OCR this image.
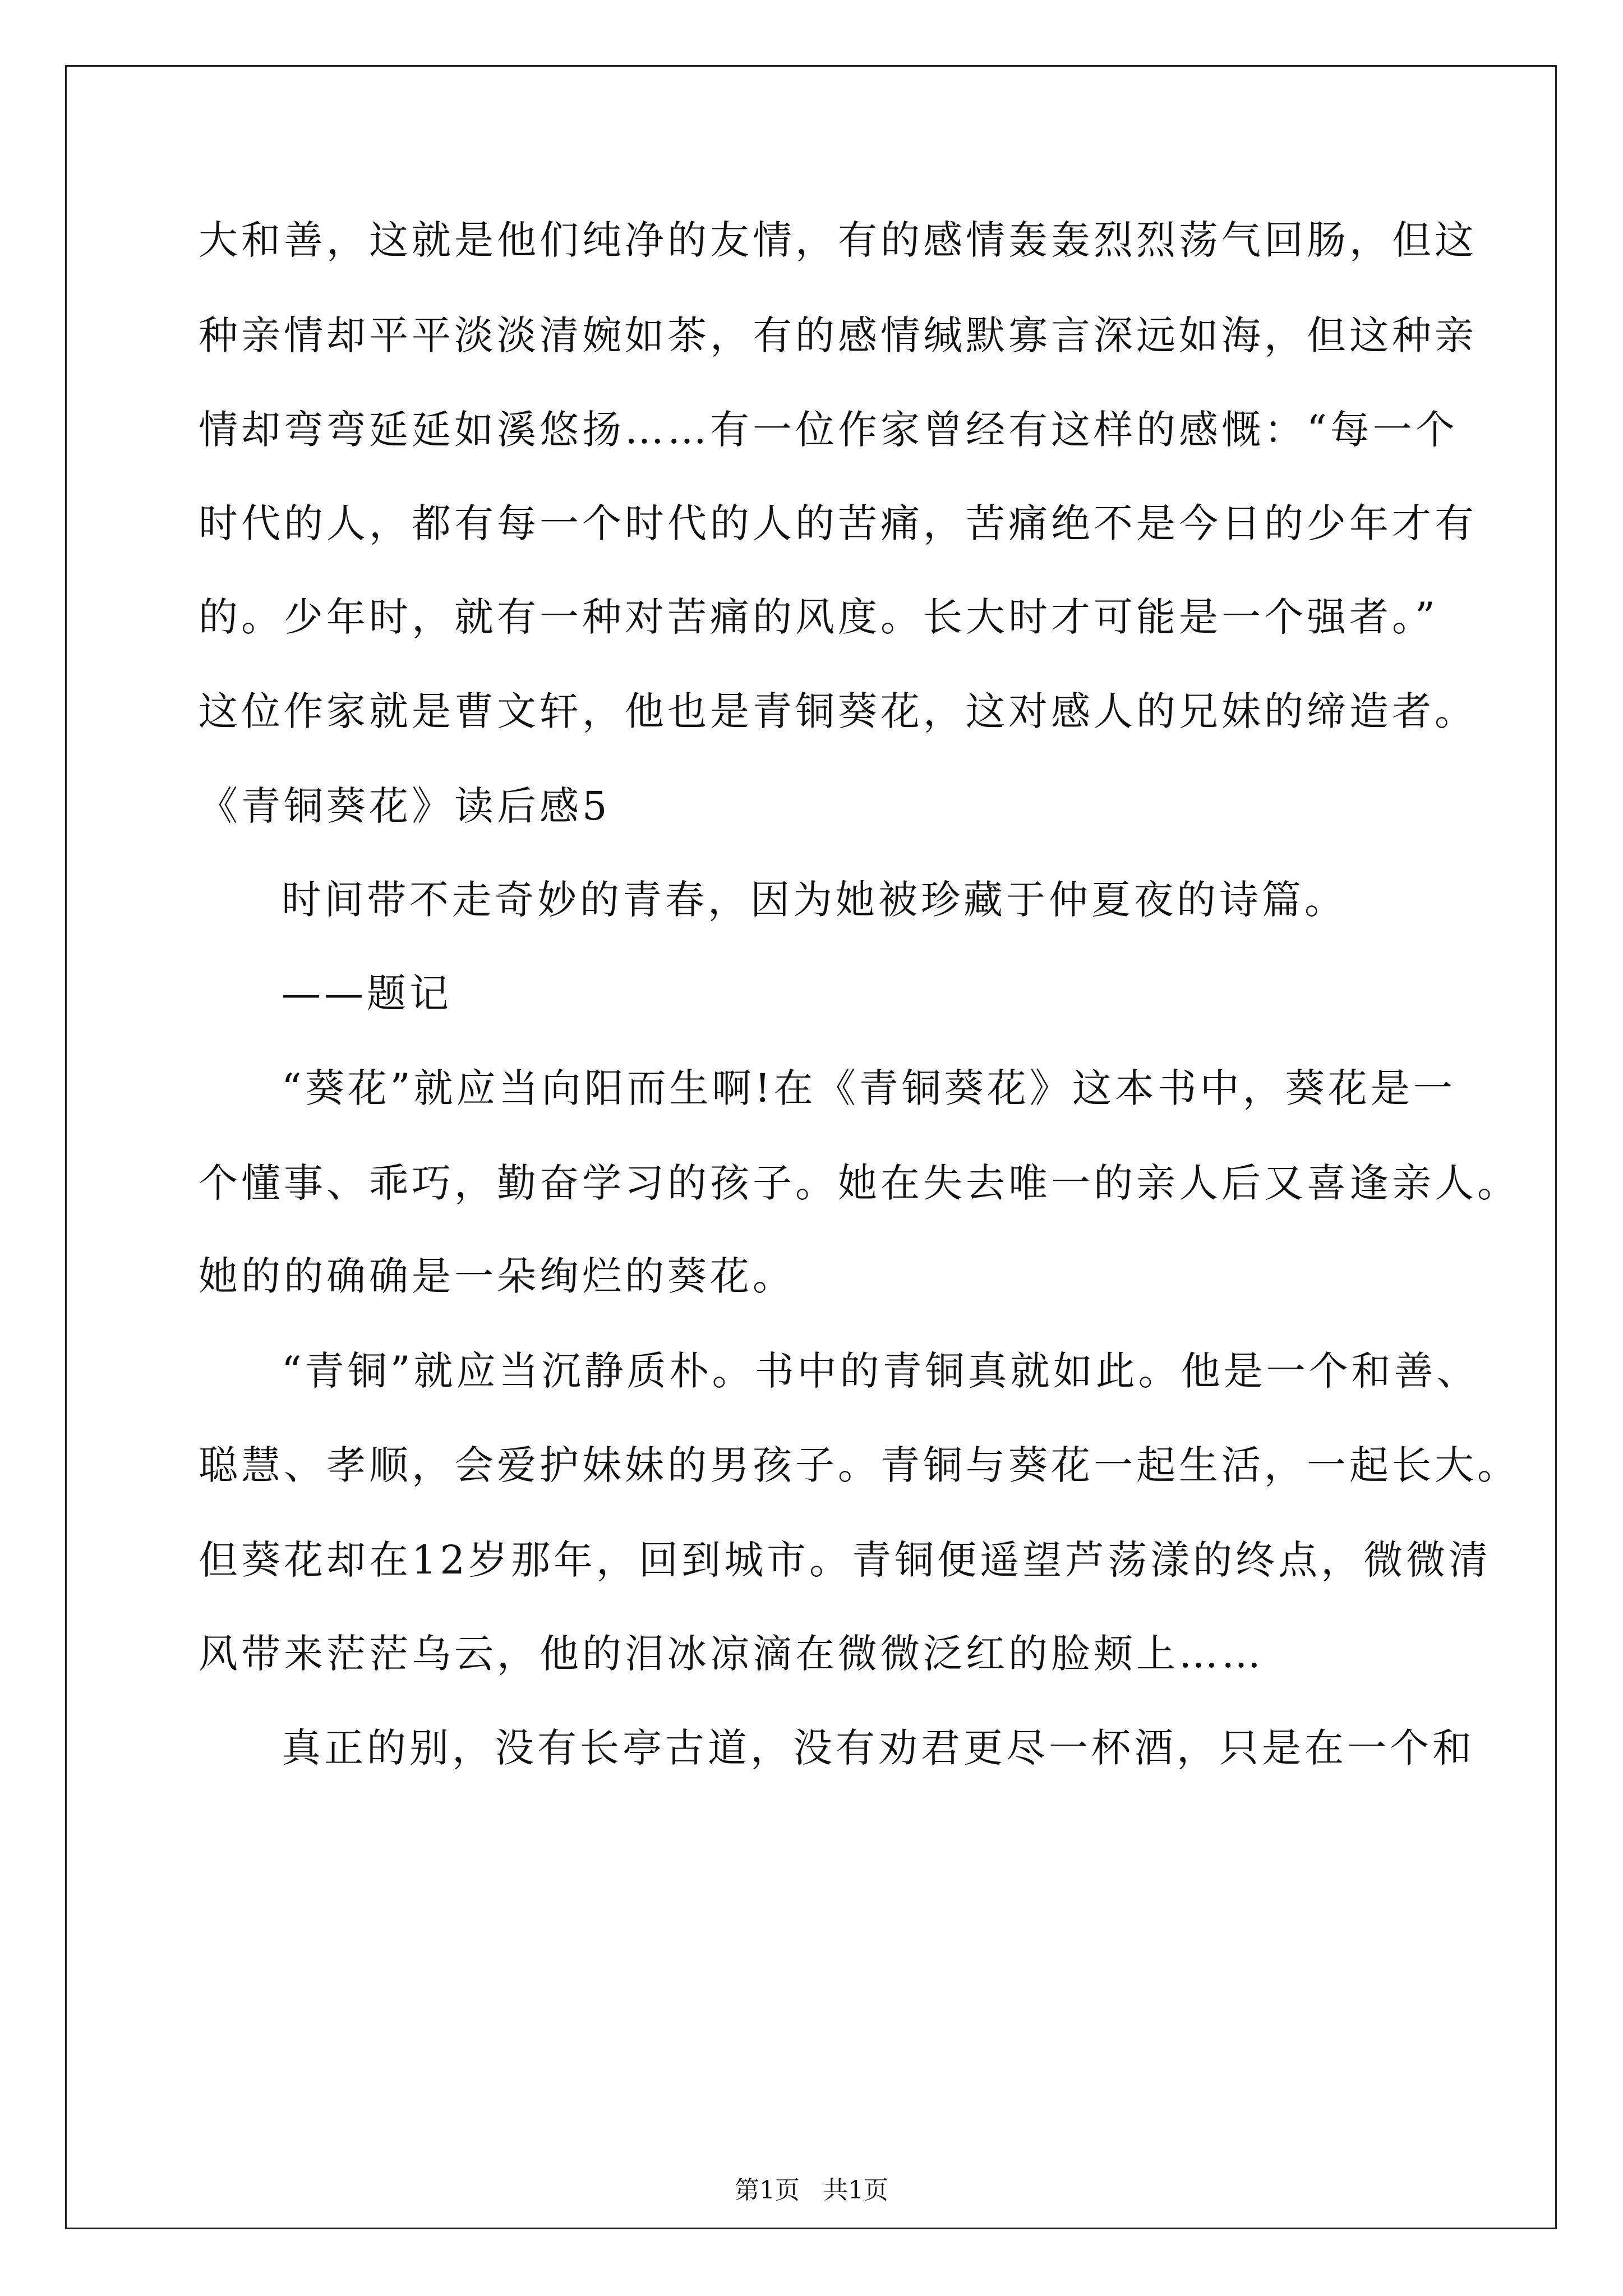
大和善，这就是他们纯净的友情，有的感情轰轰烈烈荡气回肠，但这
种亲情却平平淡淡清婉如茶，有的感情缄默寡言深远如海，但这种亲
情却弯弯延延如溪悠扬……有一位作家曾经有这样的感慨：“每一个
时代的人，都有每一个时代的人的苦痛，苦痛绝不是今日的少年才有
的。少年时，就有一种对苦痛的风度。长大时才可能是一个强者。”
这位作家就是曹文轩，他也是青铜葵花，这对感人的兄妹的缔造者。
《青铜葵花》读后感5
时间带不走奇妙的青春，因为她被珍藏于仲夏夜的诗篇。
——题记
“葵花”就应当向阳而生啊!在《青铜葵花》这本书中，葵花是一
个懂事、乖巧，勤奋学习的孩子。她在失去唯一的亲人后又喜逢亲人。
她的的确确是一朵绚烂的葵花。
“青铜”就应当沉静质朴。书中的青铜真就如此。他是一个和善、
聪慧、孝顺，会爱护妹妹的男孩子。青铜与葵花一起生活，一起长大。
但葵花却在12岁那年，回到城市。青铜便遥望芦荡漾的终点，微微清
风带来茫茫乌云，他的泪冰凉滴在微微泛红的脸颊上……
真正的别，没有长亭古道，没有劝君更尽一杯酒，只是在一个和
第1页   共1页
